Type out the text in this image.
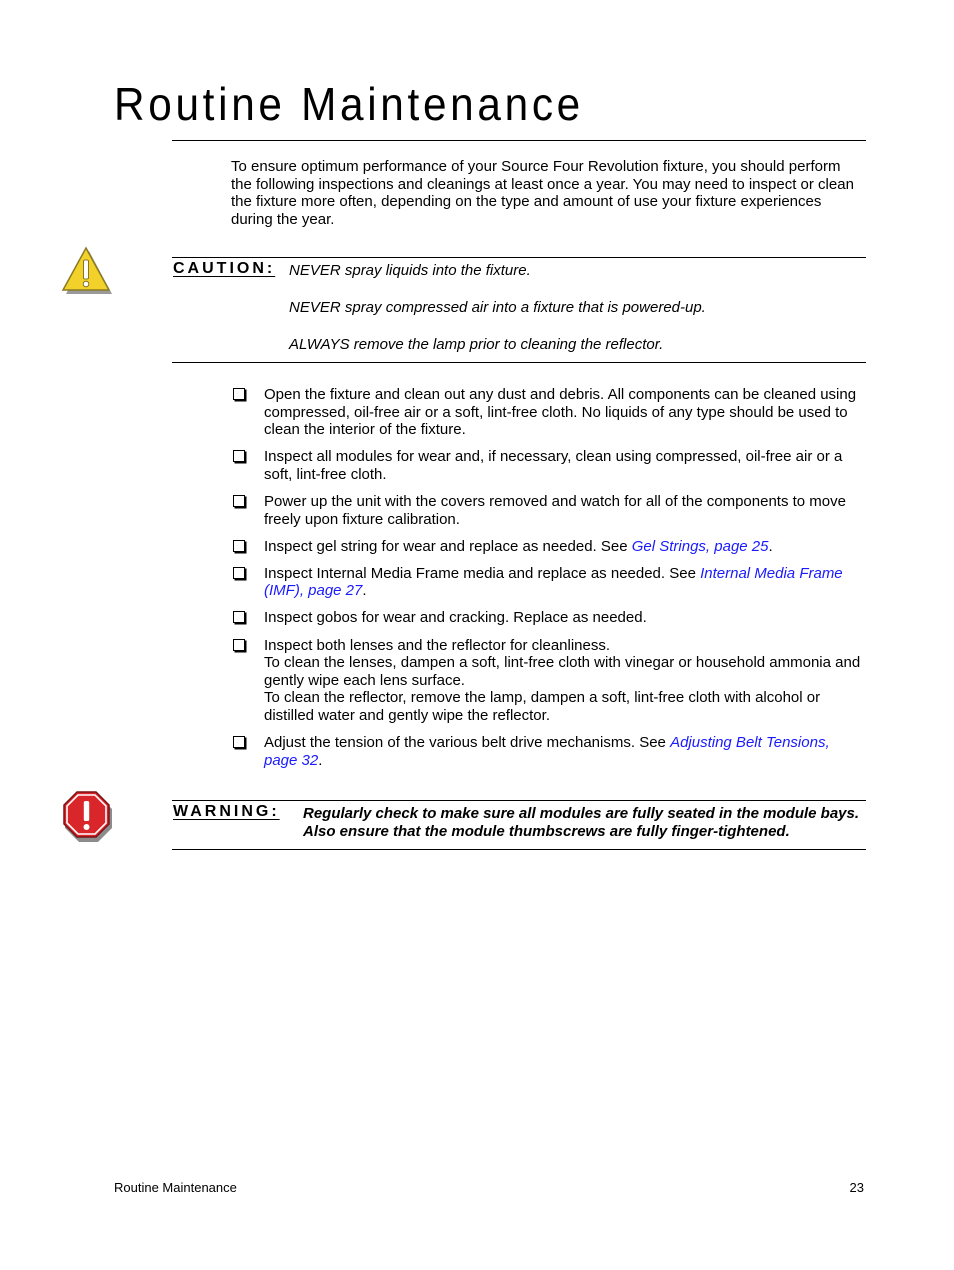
Routine Maintenance

To ensure optimum performance of your Source Four Revolution fixture, you should perform the following inspections and cleanings at least once a year. You may need to inspect or clean the fixture more often, depending on the type and amount of use your fixture experiences during the year.

CAUTION: NEVER spray liquids into the fixture.
NEVER spray compressed air into a fixture that is powered-up.
ALWAYS remove the lamp prior to cleaning the reflector.
Open the fixture and clean out any dust and debris. All components can be cleaned using compressed, oil-free air or a soft, lint-free cloth. No liquids of any type should be used to clean the interior of the fixture.
Inspect all modules for wear and, if necessary, clean using compressed, oil-free air or a soft, lint-free cloth.
Power up the unit with the covers removed and watch for all of the components to move freely upon fixture calibration.
Inspect gel string for wear and replace as needed. See Gel Strings, page 25.
Inspect Internal Media Frame media and replace as needed. See Internal Media Frame (IMF), page 27.
Inspect gobos for wear and cracking. Replace as needed.
Inspect both lenses and the reflector for cleanliness.
To clean the lenses, dampen a soft, lint-free cloth with vinegar or household ammonia and gently wipe each lens surface.
To clean the reflector, remove the lamp, dampen a soft, lint-free cloth with alcohol or distilled water and gently wipe the reflector.
Adjust the tension of the various belt drive mechanisms. See Adjusting Belt Tensions, page 32.
WARNING: Regularly check to make sure all modules are fully seated in the module bays. Also ensure that the module thumbscrews are fully finger-tightened.
Routine Maintenance	23
